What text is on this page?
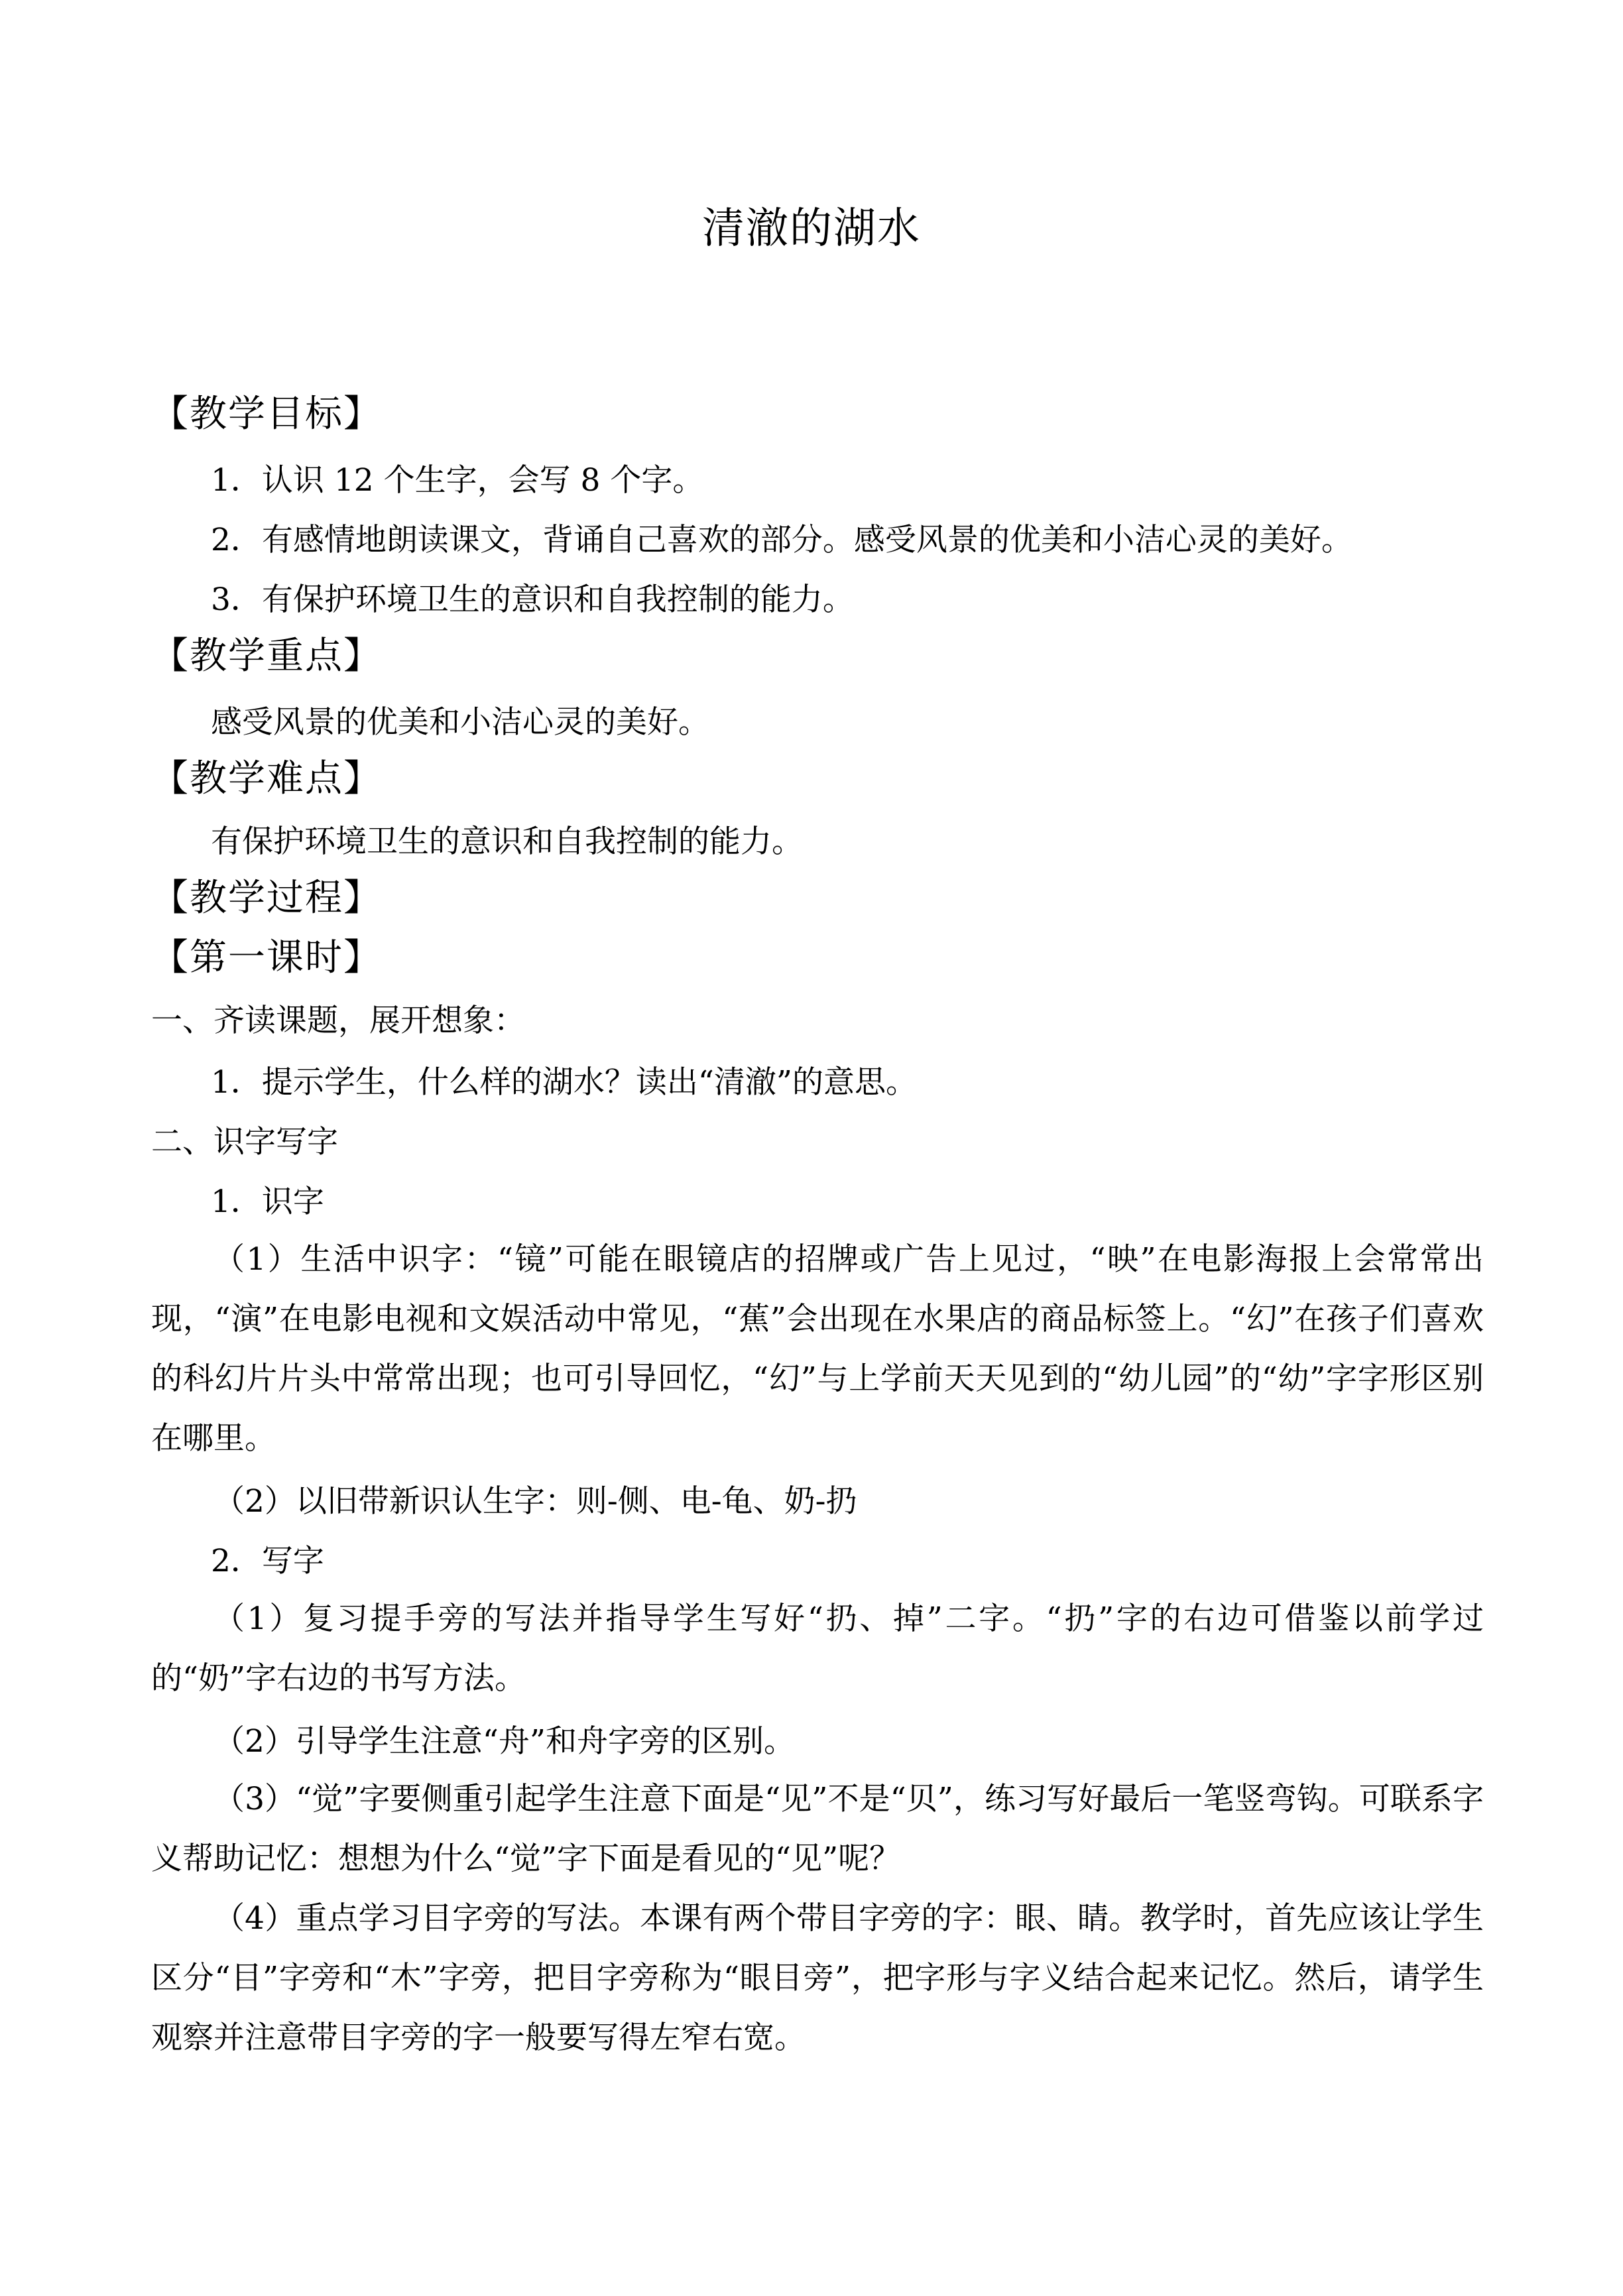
清澈的湖水
【教学目标】
1．认识 12 个生字，会写 8 个字。
2．有感情地朗读课文，背诵自己喜欢的部分。感受风景的优美和小洁心灵的美好。
3．有保护环境卫生的意识和自我控制的能力。
【教学重点】
感受风景的优美和小洁心灵的美好。
【教学难点】
有保护环境卫生的意识和自我控制的能力。
【教学过程】
【第一课时】
一、齐读课题，展开想象：
1．提示学生，什么样的湖水？读出“清澈”的意思。
二、识字写字
1．识字
（1）生活中识字：“镜”可能在眼镜店的招牌或广告上见过，“映”在电影海报上会常常出现，“演”在电影电视和文娱活动中常见，“蕉”会出现在水果店的商品标签上。“幻”在孩子们喜欢的科幻片片头中常常出现；也可引导回忆，“幻”与上学前天天见到的“幼儿园”的“幼”字字形区别在哪里。
（2）以旧带新识认生字：则-侧、电-龟、奶-扔
2．写字
（1）复习提手旁的写法并指导学生写好“扔、掉”二字。“扔”字的右边可借鉴以前学过的“奶”字右边的书写方法。
（2）引导学生注意“舟”和舟字旁的区别。
（3）“觉”字要侧重引起学生注意下面是“见”不是“贝”，练习写好最后一笔竖弯钩。可联系字义帮助记忆：想想为什么“觉”字下面是看见的“见”呢？
（4）重点学习目字旁的写法。本课有两个带目字旁的字：眼、睛。教学时，首先应该让学生区分“目”字旁和“木”字旁，把目字旁称为“眼目旁”，把字形与字义结合起来记忆。然后，请学生观察并注意带目字旁的字一般要写得左窄右宽。
